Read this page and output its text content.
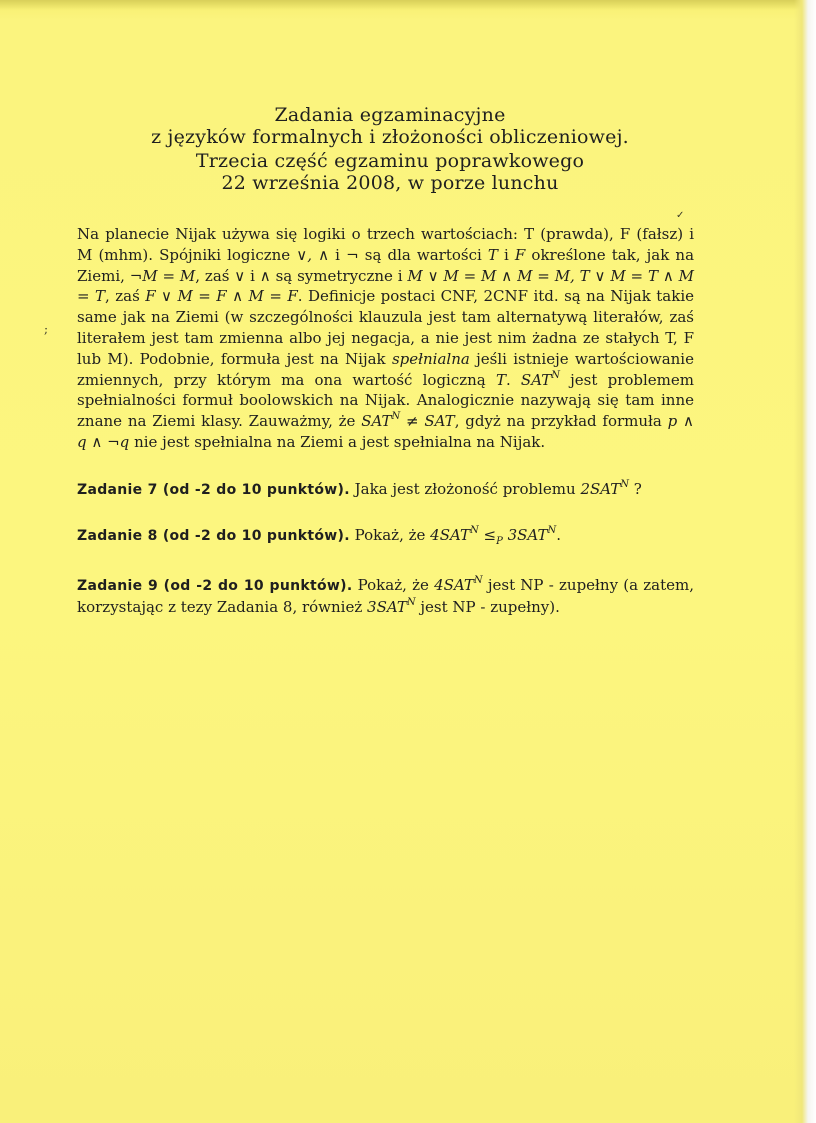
Zadania egzaminacyjne
z języków formalnych i złożoności obliczeniowej.
Trzecia część egzaminu poprawkowego
22 września 2008, w porze lunchu

Na planecie Nijak używa się logiki o trzech wartościach: T (prawda), F (fałsz) i M (mhm). Spójniki logiczne ∨, ∧ i ¬ są dla wartości T i F określone tak, jak na Ziemi, ¬M = M, zaś ∨ i ∧ są symetryczne i M ∨ M = M ∧ M = M, T ∨ M = T ∧ M = T, zaś F ∨ M = F ∧ M = F. Definicje postaci CNF, 2CNF itd. są na Nijak takie same jak na Ziemi (w szczególności klauzula jest tam alternatywą literałów, zaś literałem jest tam zmienna albo jej negacja, a nie jest nim żadna ze stałych T, F lub M). Podobnie, formuła jest na Nijak spełnialna jeśli istnieje wartościowanie zmiennych, przy którym ma ona wartość logiczną T. $SAT^N$ jest problemem spełnialności formuł boolowskich na Nijak. Analogicznie nazywają się tam inne znane na Ziemi klasy. Zauważmy, że $SAT^N$ ≠ SAT, gdyż na przykład formuła p ∧ q ∧ ¬q nie jest spełnialna na Ziemi a jest spełnialna na Nijak.

Zadanie 7 (od -2 do 10 punktów). Jaka jest złożoność problemu $2SAT^N$ ?
Zadanie 8 (od -2 do 10 punktów). Pokaż, że $4SAT^N \le_P$ $3SAT^N$.
Zadanie 9 (od -2 do 10 punktów). Pokaż, że $4SAT^N$ jest NP - zupełny (a zatem, korzystając z tezy Zadania 8, również $3SAT^N$ jest NP - zupełny).
;
✓
